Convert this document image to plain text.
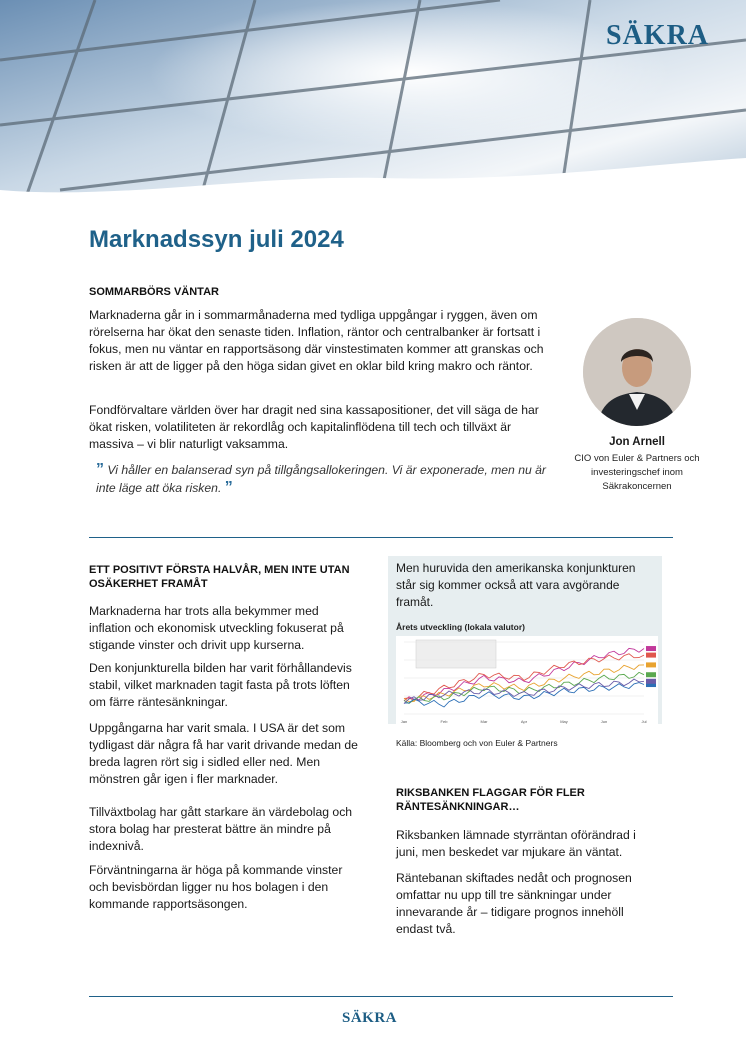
SÄKRA
Marknadssyn juli 2024
SOMMARBÖRS VÄNTAR

Marknaderna går in i sommarmånaderna med tydliga uppgångar i ryggen, även om rörelserna har ökat den senaste tiden. Inflation, räntor och centralbanker är fortsatt i fokus, men nu väntar en rapportsäsong där vinstestimaten kommer att granskas och risken är att de ligger på den höga sidan givet en oklar bild kring makro och räntor.

Fondförvaltare världen över har dragit ned sina kassapositioner, det vill säga de har ökat risken, volatiliteten är rekordlåg och kapitalinflödena till tech och tillväxt är massiva – vi blir naturligt vaksamma.

” Vi håller en balanserad syn på tillgångsallokeringen. Vi är exponerade, men nu är inte läge att öka risken. ”
Jon Arnell
CIO von Euler & Partners och investeringschef inom Säkrakoncernen
ETT POSITIVT FÖRSTA HALVÅR, MEN INTE UTAN OSÄKERHET FRAMÅT

Marknaderna har trots alla bekymmer med inflation och ekonomisk utveckling fokuserat på stigande vinster och drivit upp kurserna.

Den konjunkturella bilden har varit förhållandevis stabil, vilket marknaden tagit fasta på trots löften om färre räntesänkningar.

Uppgångarna har varit smala. I USA är det som tydligast där några få har varit drivande medan de breda lagren rört sig i sidled eller ned. Men mönstren går igen i fler marknader.

Tillväxtbolag har gått starkare än värdebolag och stora bolag har presterat bättre än mindre på indexnivå.

Förväntningarna är höga på kommande vinster och bevisbördan ligger nu hos bolagen i den kommande rapportsäsongen.

Men huruvida den amerikanska konjunkturen står sig kommer också att vara avgörande framåt.
Årets utveckling (lokala valutor)
Jan	Feb	Mar	Apr	May	Jun	Jul
Källa: Bloomberg och von Euler & Partners
RIKSBANKEN FLAGGAR FÖR FLER RÄNTESÄNKNINGAR…

Riksbanken lämnade styrräntan oförändrad i juni, men beskedet var mjukare än väntat.

Räntebanan skiftades nedåt och prognosen omfattar nu upp till tre sänkningar under innevarande år – tidigare prognos innehöll endast två.

SÄKRA
